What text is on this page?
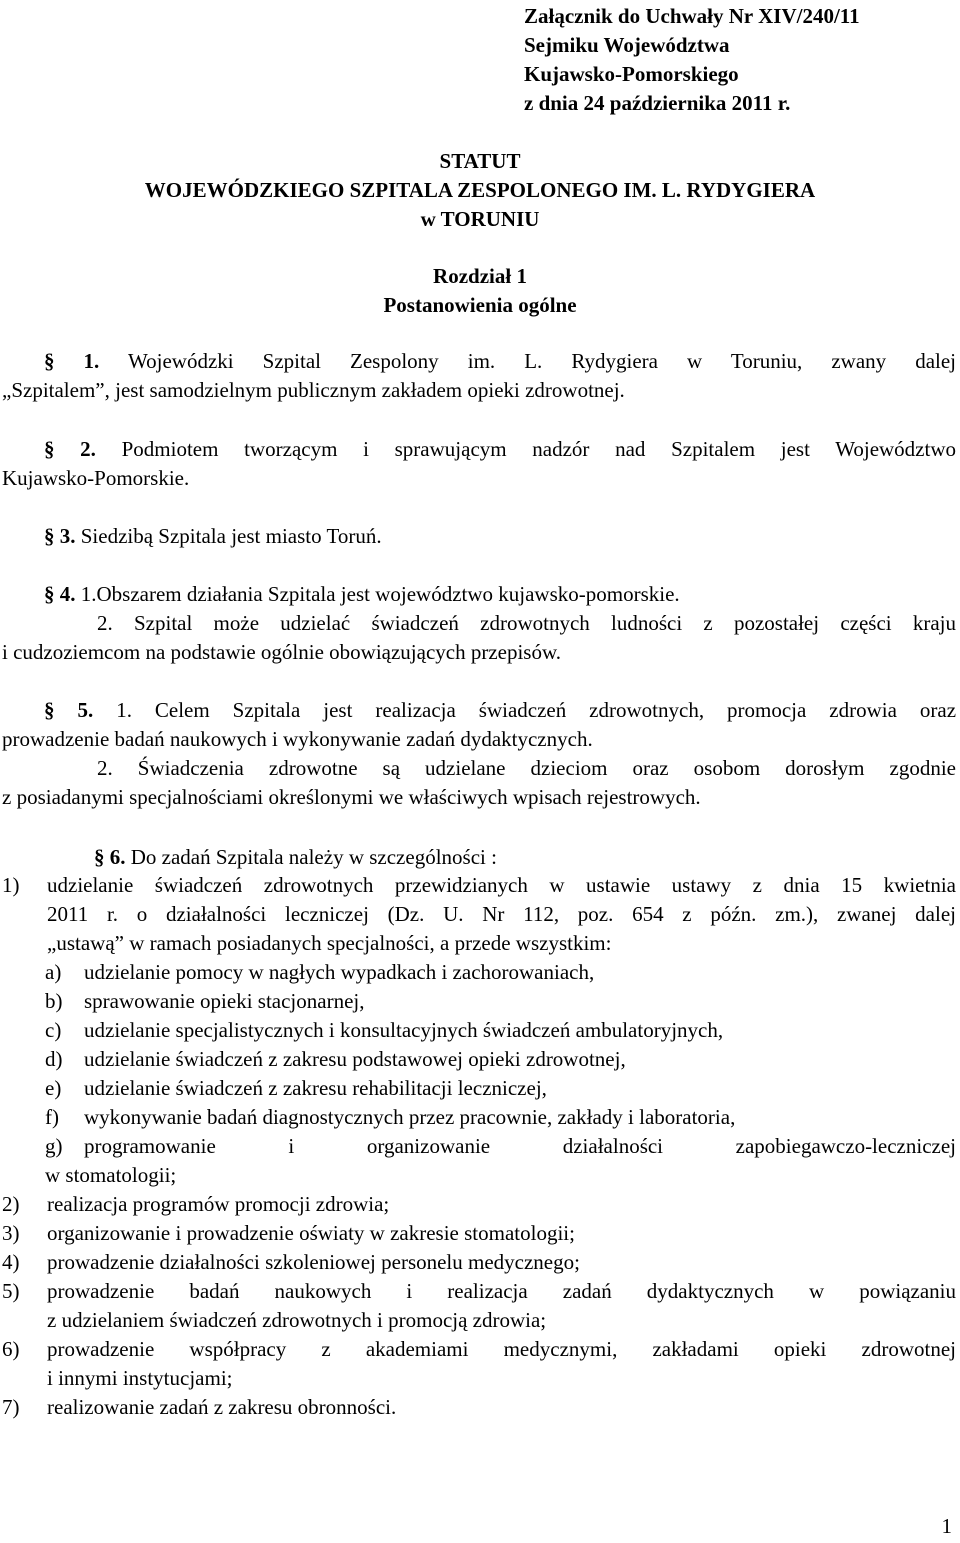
Załącznik do Uchwały Nr XIV/240/11
Sejmiku Województwa
Kujawsko-Pomorskiego
z dnia 24 października 2011 r.
STATUT
WOJEWÓDZKIEGO SZPITALA ZESPOLONEGO IM. L. RYDYGIERA
w TORUNIU
Rozdział 1
Postanowienia ogólne
§ 1. Wojewódzki Szpital Zespolony im. L. Rydygiera w Toruniu, zwany dalej
„Szpitalem”, jest samodzielnym publicznym zakładem opieki zdrowotnej.
§ 2. Podmiotem tworzącym i sprawującym nadzór nad Szpitalem jest Województwo
Kujawsko-Pomorskie.
§ 3. Siedzibą Szpitala jest miasto Toruń.
§ 4. 1.Obszarem działania Szpitala jest województwo kujawsko-pomorskie.
2. Szpital może udzielać świadczeń zdrowotnych ludności z pozostałej części kraju
i cudzoziemcom na podstawie ogólnie obowiązujących przepisów.
§ 5. 1. Celem Szpitala jest realizacja świadczeń zdrowotnych, promocja zdrowia oraz
prowadzenie badań naukowych i wykonywanie zadań dydaktycznych.
2. Świadczenia zdrowotne są udzielane dzieciom oraz osobom dorosłym zgodnie
z posiadanymi specjalnościami określonymi we właściwych wpisach rejestrowych.
§ 6. Do zadań Szpitala należy w szczególności :
1)	udzielanie świadczeń zdrowotnych przewidzianych w ustawie ustawy z dnia 15 kwietnia
2011 r. o działalności leczniczej (Dz. U. Nr 112, poz. 654 z późn. zm.), zwanej dalej
„ustawą” w ramach posiadanych specjalności, a przede wszystkim:
a)	udzielanie pomocy w nagłych wypadkach i zachorowaniach,
b)	sprawowanie opieki stacjonarnej,
c)	udzielanie specjalistycznych i konsultacyjnych świadczeń ambulatoryjnych,
d)	udzielanie świadczeń z zakresu podstawowej opieki zdrowotnej,
e)	udzielanie świadczeń z zakresu rehabilitacji leczniczej,
f)	wykonywanie badań diagnostycznych przez pracownie, zakłady i laboratoria,
g)	programowanie i organizowanie działalności zapobiegawczo-leczniczej
w stomatologii;
2)	realizacja programów promocji zdrowia;
3)	organizowanie i prowadzenie oświaty w zakresie stomatologii;
4)	prowadzenie działalności szkoleniowej personelu medycznego;
5)	prowadzenie badań naukowych i realizacja zadań dydaktycznych w powiązaniu
z udzielaniem świadczeń zdrowotnych i promocją zdrowia;
6)	prowadzenie współpracy z akademiami medycznymi, zakładami opieki zdrowotnej
i innymi instytucjami;
7)	realizowanie zadań z zakresu obronności.
1
